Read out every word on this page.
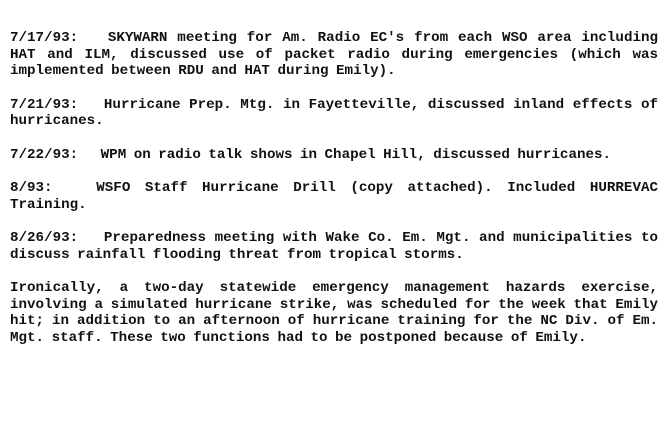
7/17/93: SKYWARN meeting for Am. Radio EC's from each WSO area including HAT and ILM, discussed use of packet radio during emergencies (which was implemented between RDU and HAT during Emily).

7/21/93: Hurricane Prep. Mtg. in Fayetteville, discussed inland effects of hurricanes.

7/22/93: WPM on radio talk shows in Chapel Hill, discussed hurricanes.

8/93:	WSFO Staff Hurricane Drill (copy attached). Included HURREVAC Training.

8/26/93: Preparedness meeting with Wake Co. Em. Mgt. and municipalities to discuss rainfall flooding threat from tropical storms.

Ironically, a two-day statewide emergency management hazards exercise, involving a simulated hurricane strike, was scheduled for the week that Emily hit; in addition to an afternoon of hurricane training for the NC Div. of Em. Mgt. staff. These two functions had to be postponed because of Emily.
